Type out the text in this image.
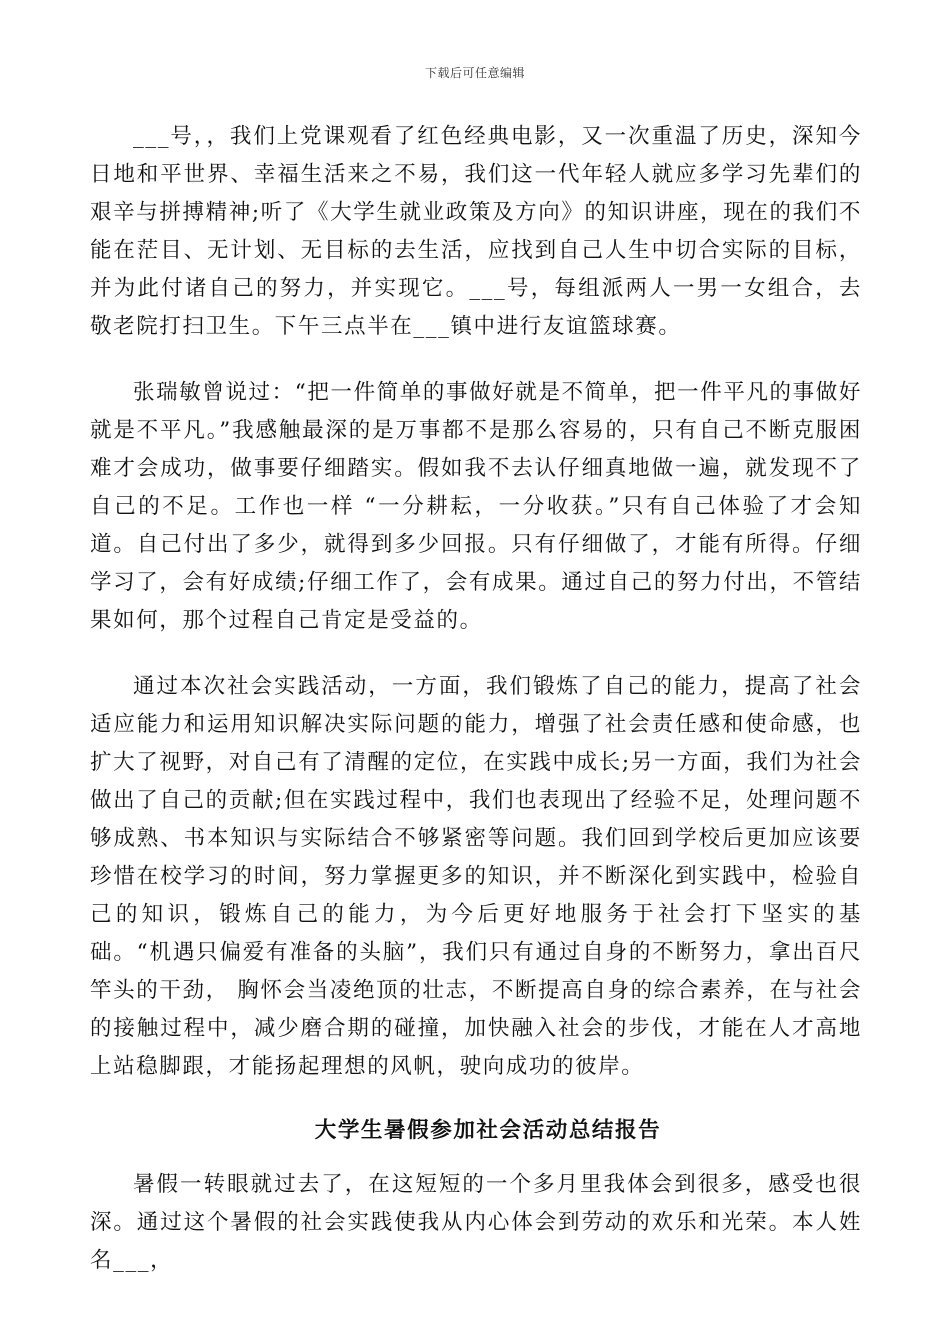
下载后可任意编辑

___号，，我们上党课观看了红色经典电影，又一次重温了历史，深知今日地和平世界、幸福生活来之不易，我们这一代年轻人就应多学习先辈们的艰辛与拼搏精神;听了《大学生就业政策及方向》的知识讲座，现在的我们不能在茫目、无计划、无目标的去生活，应找到自己人生中切合实际的目标，并为此付诸自己的努力，并实现它。___号，每组派两人一男一女组合，去敬老院打扫卫生。下午三点半在___镇中进行友谊篮球赛。

张瑞敏曾说过：“把一件简单的事做好就是不简单，把一件平凡的事做好就是不平凡。”我感触最深的是万事都不是那么容易的，只有自己不断克服困难才会成功，做事要仔细踏实。假如我不去认仔细真地做一遍，就发现不了自己的不足。工作也一样 “一分耕耘，一分收获。”只有自己体验了才会知道。自己付出了多少，就得到多少回报。只有仔细做了，才能有所得。仔细学习了，会有好成绩;仔细工作了，会有成果。通过自己的努力付出，不管结果如何，那个过程自己肯定是受益的。

通过本次社会实践活动，一方面，我们锻炼了自己的能力，提高了社会适应能力和运用知识解决实际问题的能力，增强了社会责任感和使命感，也扩大了视野，对自己有了清醒的定位，在实践中成长;另一方面，我们为社会做出了自己的贡献;但在实践过程中，我们也表现出了经验不足，处理问题不够成熟、书本知识与实际结合不够紧密等问题。我们回到学校后更加应该要珍惜在校学习的时间，努力掌握更多的知识，并不断深化到实践中，检验自己的知识，锻炼自己的能力，为今后更好地服务于社会打下坚实的基础。“机遇只偏爱有准备的头脑”，我们只有通过自身的不断努力，拿出百尺竿头的干劲， 胸怀会当凌绝顶的壮志，不断提高自身的综合素养，在与社会的接触过程中，减少磨合期的碰撞，加快融入社会的步伐，才能在人才高地上站稳脚跟，才能扬起理想的风帆，驶向成功的彼岸。

大学生暑假参加社会活动总结报告

暑假一转眼就过去了，在这短短的一个多月里我体会到很多，感受也很深。通过这个暑假的社会实践使我从内心体会到劳动的欢乐和光荣。本人姓名___，
